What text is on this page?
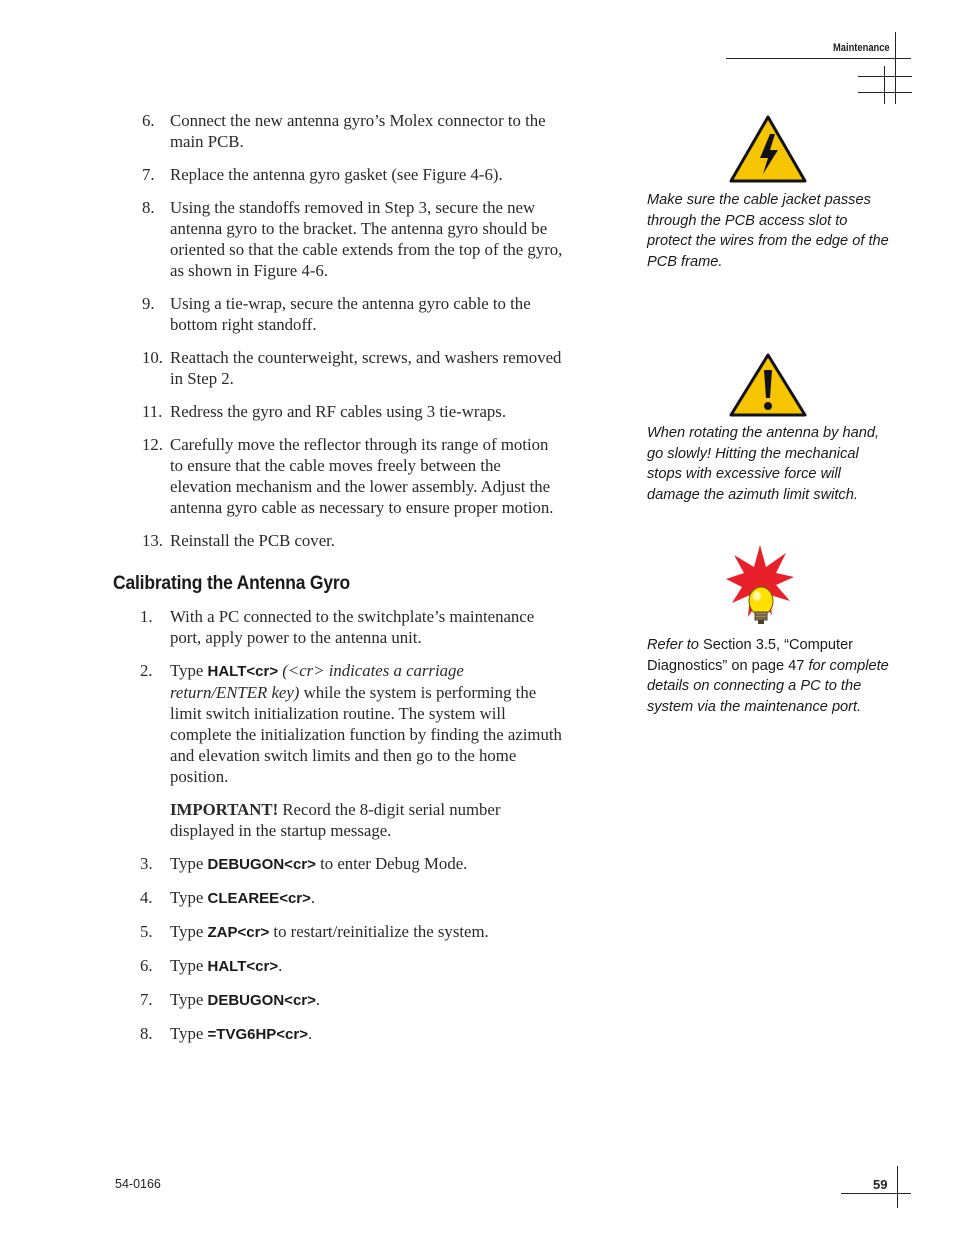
Maintenance
6. Connect the new antenna gyro’s Molex connector to the main PCB.
7. Replace the antenna gyro gasket (see Figure 4-6).
8. Using the standoffs removed in Step 3, secure the new antenna gyro to the bracket. The antenna gyro should be oriented so that the cable extends from the top of the gyro, as shown in Figure 4-6.
9. Using a tie-wrap, secure the antenna gyro cable to the bottom right standoff.
10. Reattach the counterweight, screws, and washers removed in Step 2.
11. Redress the gyro and RF cables using 3 tie-wraps.
12. Carefully move the reflector through its range of motion to ensure that the cable moves freely between the elevation mechanism and the lower assembly. Adjust the antenna gyro cable as necessary to ensure proper motion.
13. Reinstall the PCB cover.
Calibrating the Antenna Gyro
1.	With a PC connected to the switchplate’s maintenance port, apply power to the antenna unit.
2.	Type HALT<cr> (<cr> indicates a carriage return/ENTER key) while the system is performing the limit switch initialization routine. The system will complete the initialization function by finding the azimuth and elevation switch limits and then go to the home position.
IMPORTANT! Record the 8-digit serial number displayed in the startup message.
3.	Type DEBUGON<cr> to enter Debug Mode.
4.	Type CLEAREE<cr>.
5.	Type ZAP<cr> to restart/reinitialize the system.
6.	Type HALT<cr>.
7.	Type DEBUGON<cr>.
8.	Type =TVG6HP<cr>.
Make sure the cable jacket passes through the PCB access slot to protect the wires from the edge of the PCB frame.
When rotating the antenna by hand, go slowly! Hitting the mechanical stops with excessive force will damage the azimuth limit switch.
Refer to Section 3.5, “Computer Diagnostics” on page 47 for complete details on connecting a PC to the system via the maintenance port.
54-0166	59
